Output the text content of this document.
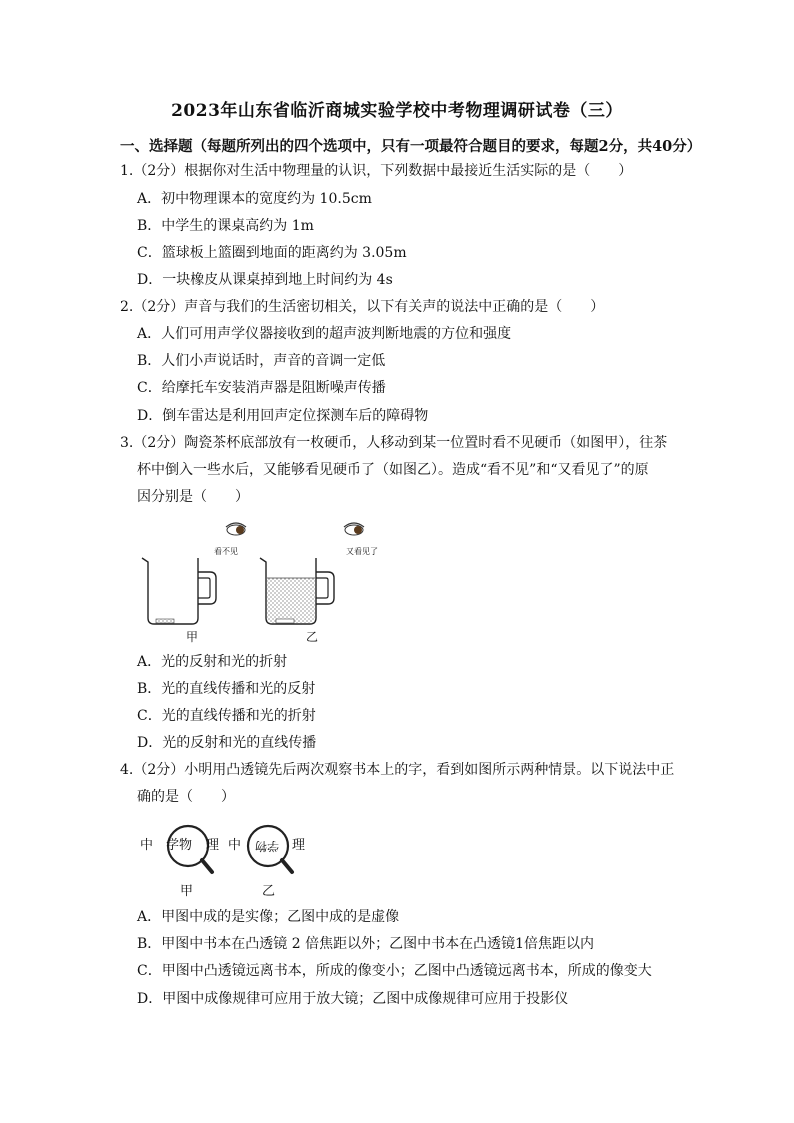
2023年山东省临沂商城实验学校中考物理调研试卷（三）
一、选择题（每题所列出的四个选项中，只有一项最符合题目的要求，每题2分，共40分）
1.（2分）根据你对生活中物理量的认识，下列数据中最接近生活实际的是（　　）
A．初中物理课本的宽度约为 10.5cm
B．中学生的课桌高约为 1m
C．篮球板上篮圈到地面的距离约为 3.05m
D．一块橡皮从课桌掉到地上时间约为 4s
2.（2分）声音与我们的生活密切相关，以下有关声的说法中正确的是（　　）
A．人们可用声学仪器接收到的超声波判断地震的方位和强度
B．人们小声说话时，声音的音调一定低
C．给摩托车安装消声器是阻断噪声传播
D．倒车雷达是利用回声定位探测车后的障碍物
3.（2分）陶瓷茶杯底部放有一枚硬币，人移动到某一位置时看不见硬币（如图甲），往茶
杯中倒入一些水后，又能够看见硬币了（如图乙）。造成“看不见”和“又看见了”的原
因分别是（　　）
看不见	又看见了
甲	乙
A．光的反射和光的折射
B．光的直线传播和光的反射
C．光的直线传播和光的折射
D．光的反射和光的直线传播
4.（2分）小明用凸透镜先后两次观察书本上的字，看到如图所示两种情景。以下说法中正
确的是（　　）
中 学物 理 中 学物 理
甲	乙
A．甲图中成的是实像；乙图中成的是虚像
B．甲图中书本在凸透镜 2 倍焦距以外；乙图中书本在凸透镜1倍焦距以内
C．甲图中凸透镜远离书本，所成的像变小；乙图中凸透镜远离书本，所成的像变大
D．甲图中成像规律可应用于放大镜；乙图中成像规律可应用于投影仪
